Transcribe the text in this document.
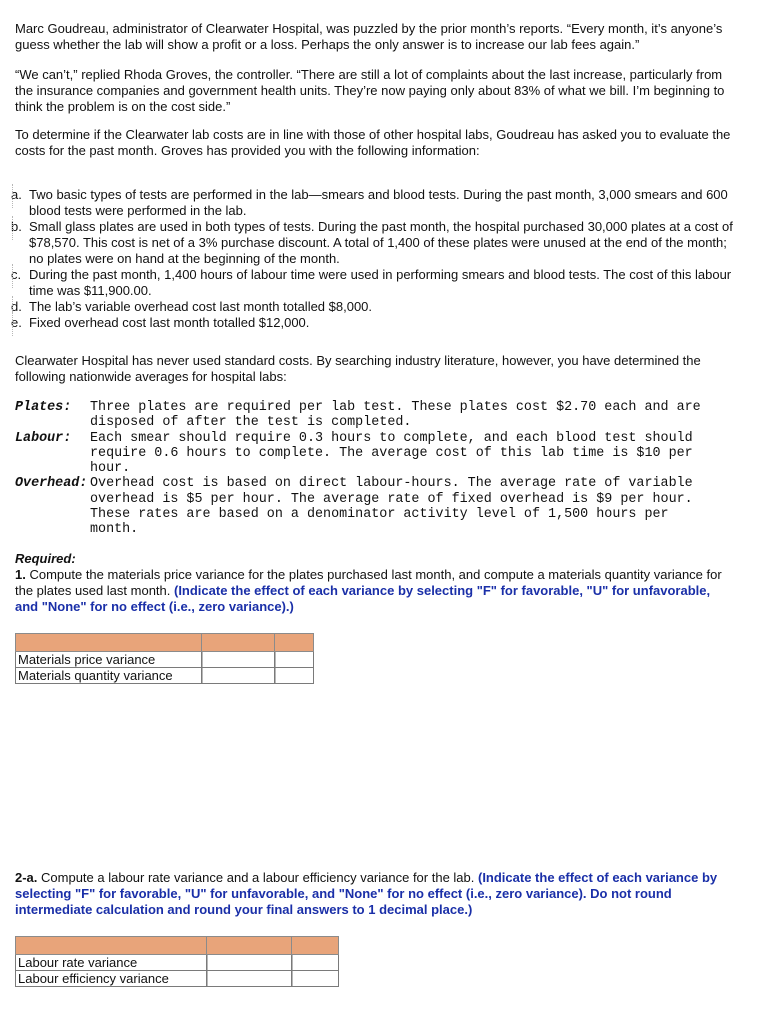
Marc Goudreau, administrator of Clearwater Hospital, was puzzled by the prior month’s reports. “Every month, it’s anyone’s guess whether the lab will show a profit or a loss. Perhaps the only answer is to increase our lab fees again.”

“We can’t,” replied Rhoda Groves, the controller. “There are still a lot of complaints about the last increase, particularly from the insurance companies and government health units. They’re now paying only about 83% of what we bill. I’m beginning to think the problem is on the cost side.”

To determine if the Clearwater lab costs are in line with those of other hospital labs, Goudreau has asked you to evaluate the costs for the past month. Groves has provided you with the following information:

a. Two basic types of tests are performed in the lab—smears and blood tests. During the past month, 3,000 smears and 600 blood tests were performed in the lab.
b. Small glass plates are used in both types of tests. During the past month, the hospital purchased 30,000 plates at a cost of $78,570. This cost is net of a 3% purchase discount. A total of 1,400 of these plates were unused at the end of the month; no plates were on hand at the beginning of the month.
c. During the past month, 1,400 hours of labour time were used in performing smears and blood tests. The cost of this labour time was $11,900.00.
d. The lab’s variable overhead cost last month totalled $8,000.
e. Fixed overhead cost last month totalled $12,000.

Clearwater Hospital has never used standard costs. By searching industry literature, however, you have determined the following nationwide averages for hospital labs:

Plates:	Three plates are required per lab test. These plates cost $2.70 each and are
disposed of after the test is completed.
Labour:	Each smear should require 0.3 hours to complete, and each blood test should
require 0.6 hours to complete. The average cost of this lab time is $10 per
hour.
Overhead: Overhead cost is based on direct labour-hours. The average rate of variable
overhead is $5 per hour. The average rate of fixed overhead is $9 per hour.
These rates are based on a denominator activity level of 1,500 hours per
month.

Required:

1. Compute the materials price variance for the plates purchased last month, and compute a materials quantity variance for the plates used last month. (Indicate the effect of each variance by selecting "F" for favorable, "U" for unfavorable, and "None" for no effect (i.e., zero variance).)

Materials price variance		
Materials quantity variance		

2-a. Compute a labour rate variance and a labour efficiency variance for the lab. (Indicate the effect of each variance by selecting "F" for favorable, "U" for unfavorable, and "None" for no effect (i.e., zero variance). Do not round intermediate calculation and round your final answers to 1 decimal place.)

Labour rate variance		
Labour efficiency variance		
